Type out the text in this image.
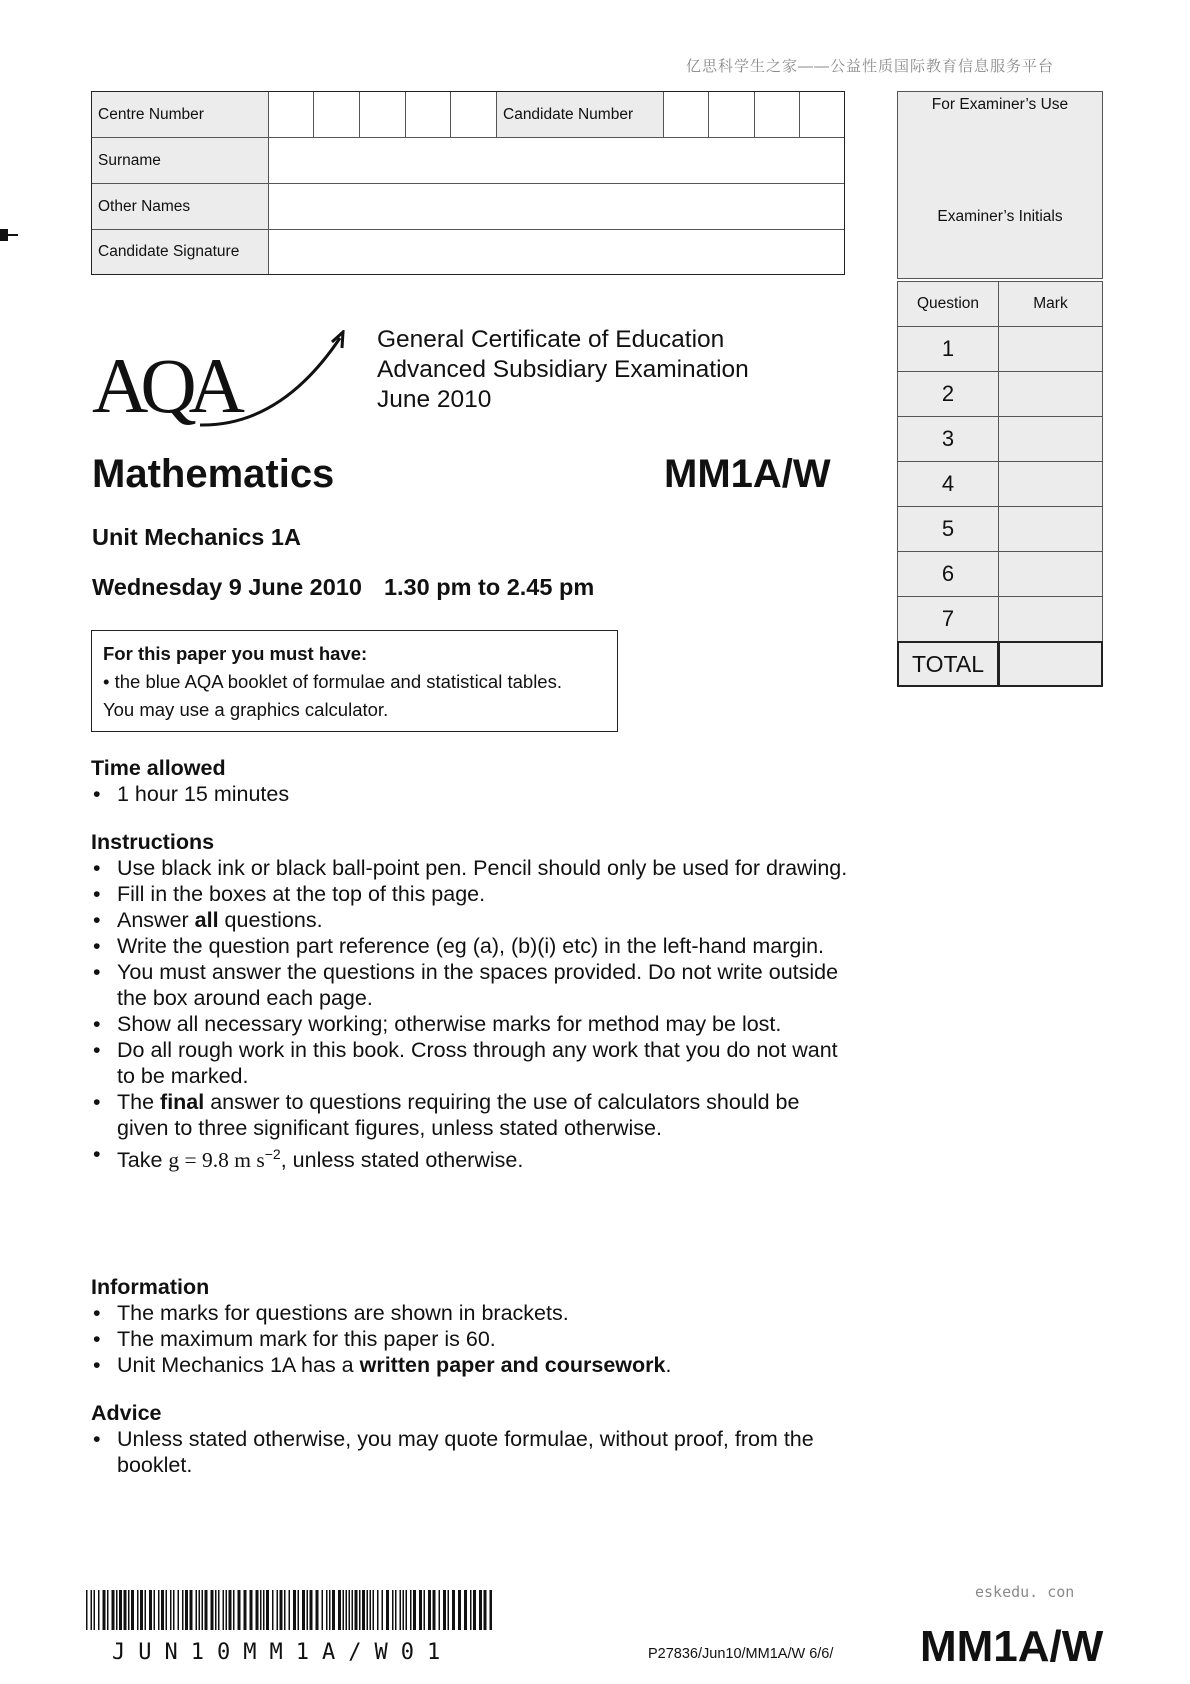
亿思科学生之家——公益性质国际教育信息服务平台
Centre Number	Candidate Number
Surname
Other Names
Candidate Signature
For Examiner’s Use
Examiner’s Initials
Question	Mark
1
2
3
4
5
6
7
TOTAL
AQA
General Certificate of Education
Advanced Subsidiary Examination
June 2010
Mathematics	MM1A/W
Unit Mechanics 1A
Wednesday 9 June 2010 1.30 pm to 2.45 pm
For this paper you must have:
• the blue AQA booklet of formulae and statistical tables.
You may use a graphics calculator.
Time allowed
• 1 hour 15 minutes
Instructions
• Use black ink or black ball-point pen. Pencil should only be used for drawing.
• Fill in the boxes at the top of this page.
• Answer all questions.
• Write the question part reference (eg (a), (b)(i) etc) in the left-hand margin.
• You must answer the questions in the spaces provided. Do not write outside the box around each page.
• Show all necessary working; otherwise marks for method may be lost.
• Do all rough work in this book. Cross through any work that you do not want to be marked.
• The final answer to questions requiring the use of calculators should be given to three significant figures, unless stated otherwise.
• Take g = 9.8 m $s^{-2}$, unless stated otherwise.
Information
• The marks for questions are shown in brackets.
• The maximum mark for this paper is 60.
• Unit Mechanics 1A has a written paper and coursework.
Advice
• Unless stated otherwise, you may quote formulae, without proof, from the booklet.
eskedu. con
JUN10MM1A/W01	P27836/Jun10/MM1A/W 6/6/ MM1A/W
